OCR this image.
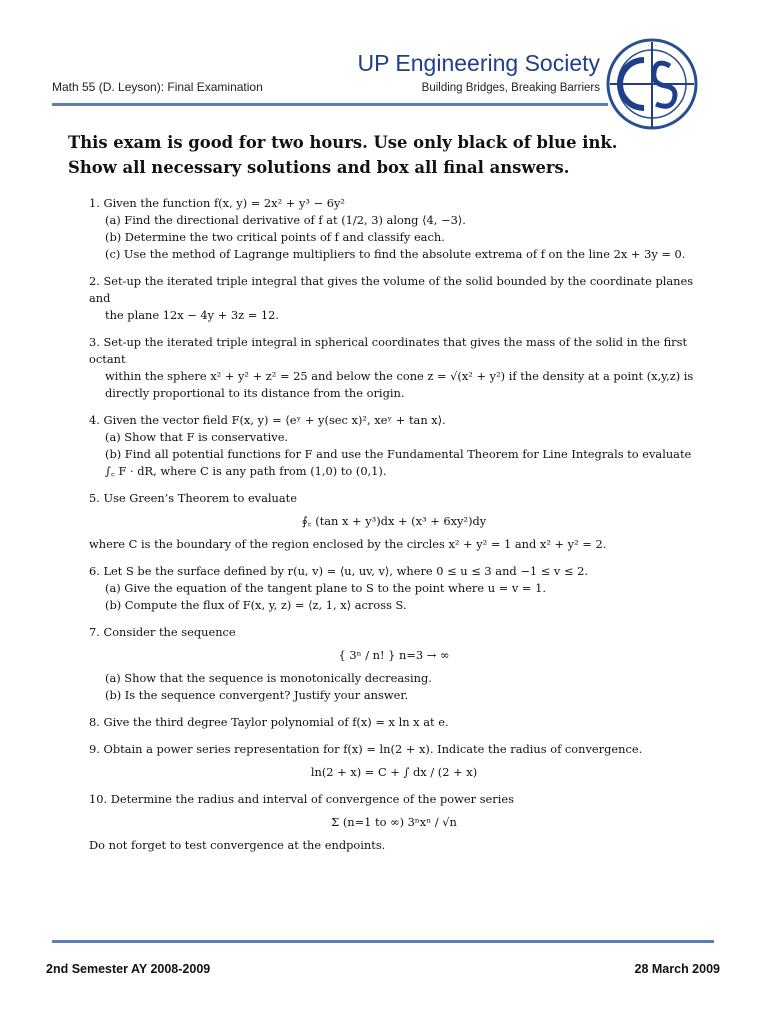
Math 55 (D. Leyson): Final Examination
UP Engineering Society
Building Bridges, Breaking Barriers
· · ·
This exam is good for two hours. Use only black of blue ink. Show all necessary solutions and box all final answers.
1. Given the function f(x, y) = 2x² + y³ − 6y²
(a) Find the directional derivative of f at (1/2, 3) along ⟨4, −3⟩.
(b) Determine the two critical points of f and classify each.
(c) Use the method of Lagrange multipliers to find the absolute extrema of f on the line 2x + 3y = 0.
2. Set-up the iterated triple integral that gives the volume of the solid bounded by the coordinate planes and
the plane 12x − 4y + 3z = 12.
3. Set-up the iterated triple integral in spherical coordinates that gives the mass of the solid in the first octant
within the sphere x² + y² + z² = 25 and below the cone z = √(x² + y²) if the density at a point (x,y,z) is
directly proportional to its distance from the origin.
4. Given the vector field F(x, y) = ⟨eʸ + y(sec x)², xeʸ + tan x⟩.
(a) Show that F is conservative.
(b) Find all potential functions for F and use the Fundamental Theorem for Line Integrals to evaluate
∫꜀ F · dR, where C is any path from (1,0) to (0,1).
5. Use Green’s Theorem to evaluate
∮꜀ (tan x + y³)dx + (x³ + 6xy²)dy
where C is the boundary of the region enclosed by the circles x² + y² = 1 and x² + y² = 2.
6. Let S be the surface defined by r(u, v) = ⟨u, uv, v⟩, where 0 ≤ u ≤ 3 and −1 ≤ v ≤ 2.
(a) Give the equation of the tangent plane to S to the point where u = v = 1.
(b) Compute the flux of F(x, y, z) = ⟨z, 1, x⟩ across S.
7. Consider the sequence
{ 3ⁿ / n! } n=3 → ∞
(a) Show that the sequence is monotonically decreasing.
(b) Is the sequence convergent? Justify your answer.
8. Give the third degree Taylor polynomial of f(x) = x ln x at e.
9. Obtain a power series representation for f(x) = ln(2 + x). Indicate the radius of convergence.
ln(2 + x) = C + ∫ dx / (2 + x)
10. Determine the radius and interval of convergence of the power series
Σ (n=1 to ∞) 3ⁿxⁿ / √n
Do not forget to test convergence at the endpoints.
2nd Semester AY 2008-2009	28 March 2009
